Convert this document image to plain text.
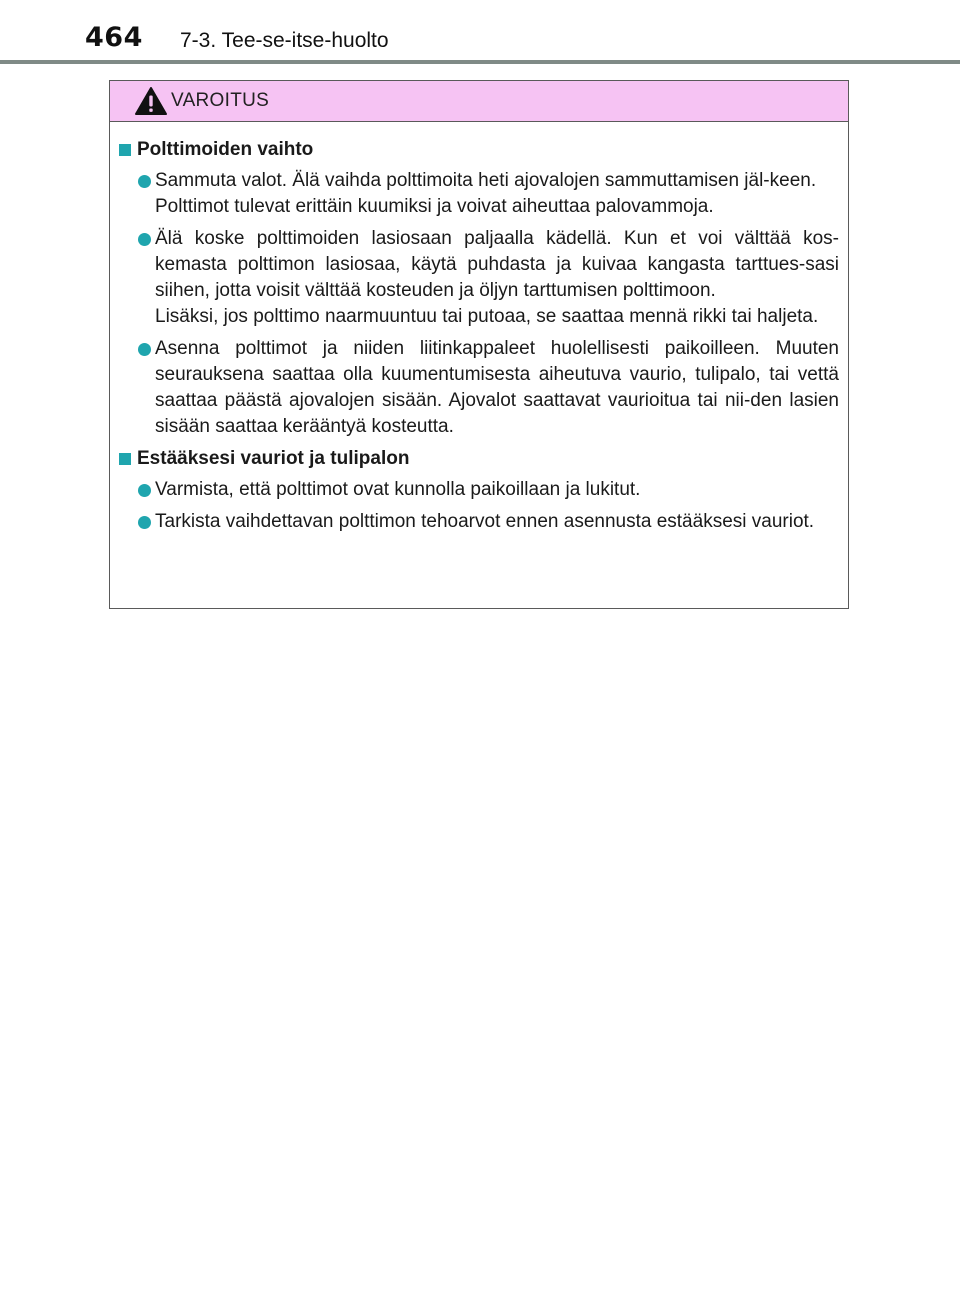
464 7-3. Tee-se-itse-huolto
VAROITUS
Polttimoiden vaihto

Sammuta valot. Älä vaihda polttimoita heti ajovalojen sammuttamisen jäl-keen.

Polttimot tulevat erittäin kuumiksi ja voivat aiheuttaa palovammoja.

Älä koske polttimoiden lasiosaan paljaalla kädellä. Kun et voi välttää kos-kemasta polttimon lasiosaa, käytä puhdasta ja kuivaa kangasta tarttues-sasi siihen, jotta voisit välttää kosteuden ja öljyn tarttumisen polttimoon.

Lisäksi, jos polttimo naarmuuntuu tai putoaa, se saattaa mennä rikki tai haljeta.

Asenna polttimot ja niiden liitinkappaleet huolellisesti paikoilleen. Muuten seurauksena saattaa olla kuumentumisesta aiheutuva vaurio, tulipalo, tai vettä saattaa päästä ajovalojen sisään. Ajovalot saattavat vaurioitua tai nii-den lasien sisään saattaa kerääntyä kosteutta.

Estääksesi vauriot ja tulipalon

Varmista, että polttimot ovat kunnolla paikoillaan ja lukitut.

Tarkista vaihdettavan polttimon tehoarvot ennen asennusta estääksesi vauriot.
